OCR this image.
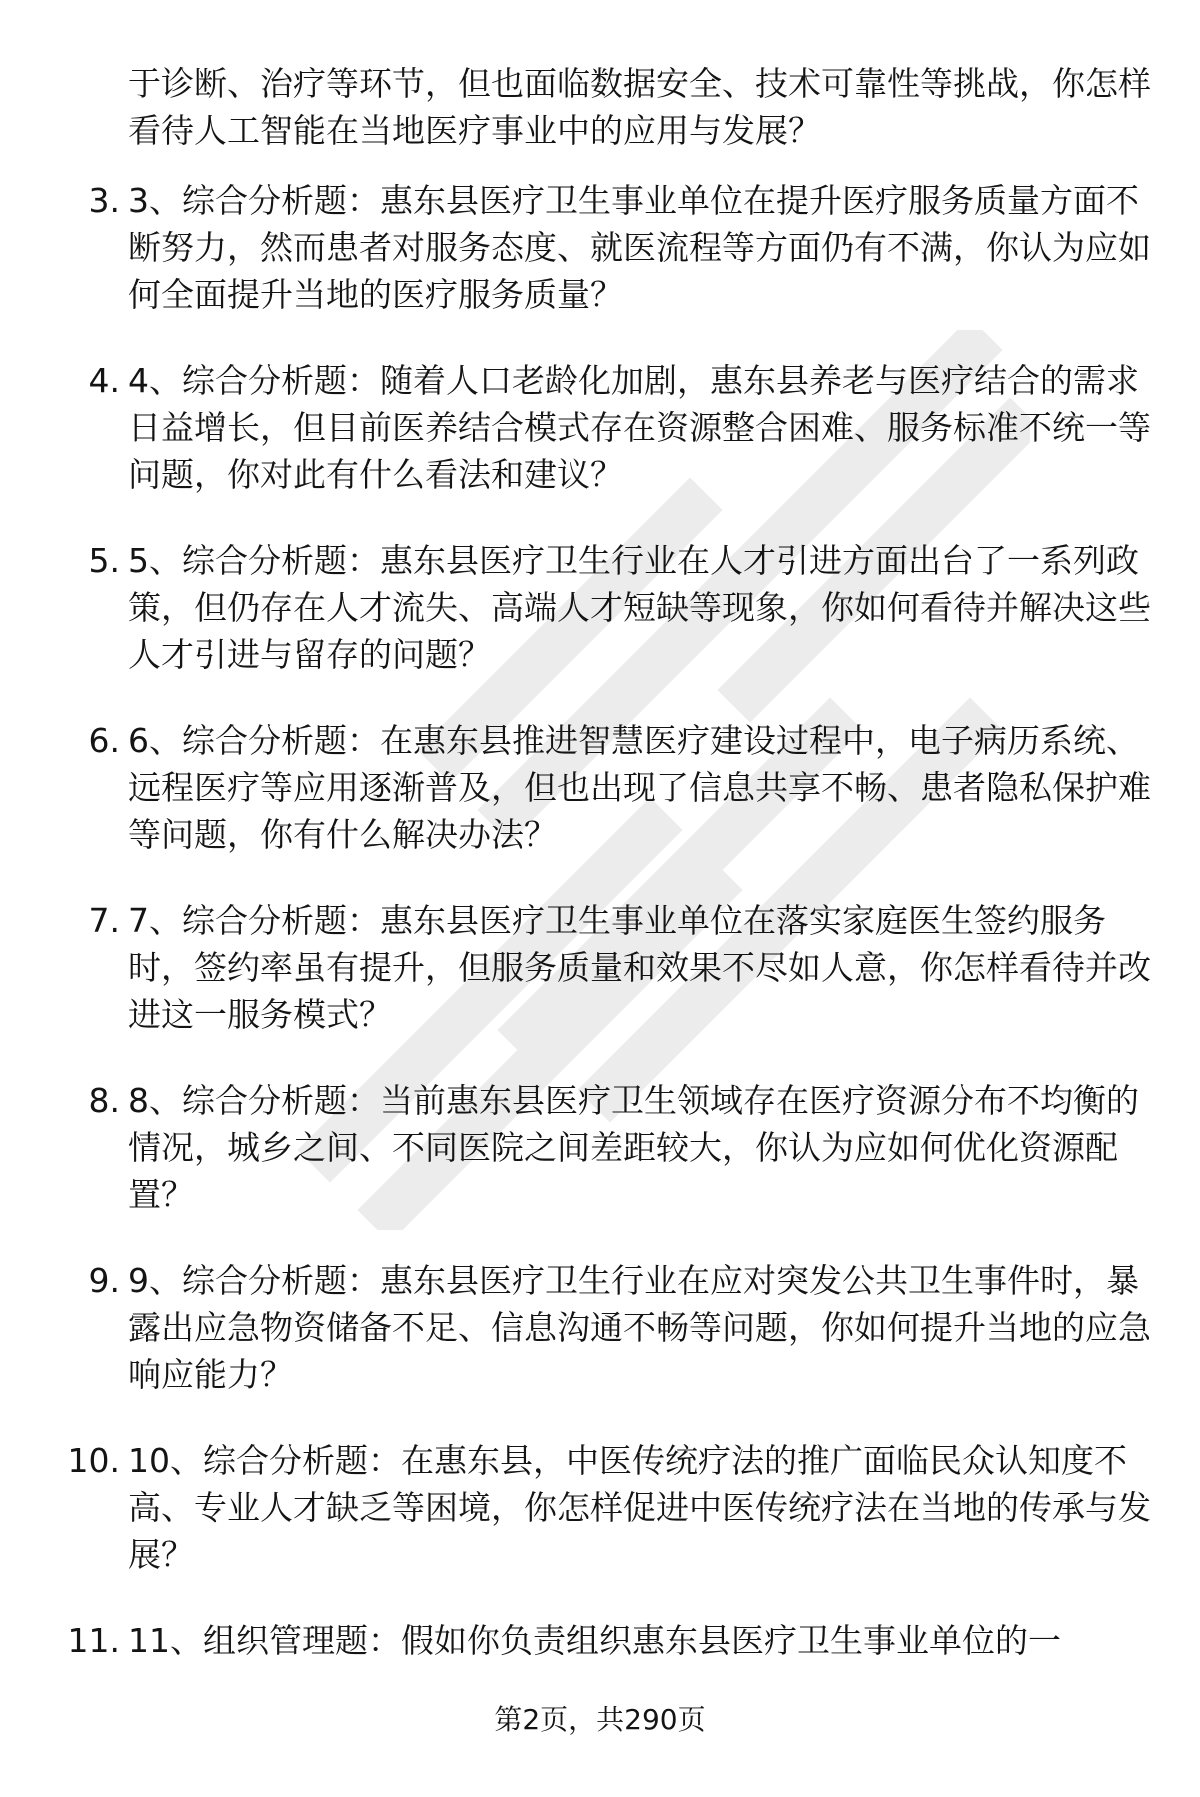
于诊断、治疗等环节，但也面临数据安全、技术可靠性等挑战，你怎样看待人工智能在当地医疗事业中的应用与发展？

3. 3、综合分析题：惠东县医疗卫生事业单位在提升医疗服务质量方面不断努力，然而患者对服务态度、就医流程等方面仍有不满，你认为应如何全面提升当地的医疗服务质量？

4. 4、综合分析题：随着人口老龄化加剧，惠东县养老与医疗结合的需求日益增长，但目前医养结合模式存在资源整合困难、服务标准不统一等问题，你对此有什么看法和建议？

5. 5、综合分析题：惠东县医疗卫生行业在人才引进方面出台了一系列政策，但仍存在人才流失、高端人才短缺等现象，你如何看待并解决这些人才引进与留存的问题？

6. 6、综合分析题：在惠东县推进智慧医疗建设过程中，电子病历系统、远程医疗等应用逐渐普及，但也出现了信息共享不畅、患者隐私保护难等问题，你有什么解决办法？

7. 7、综合分析题：惠东县医疗卫生事业单位在落实家庭医生签约服务时，签约率虽有提升，但服务质量和效果不尽如人意，你怎样看待并改进这一服务模式？

8. 8、综合分析题：当前惠东县医疗卫生领域存在医疗资源分布不均衡的情况，城乡之间、不同医院之间差距较大，你认为应如何优化资源配置？

9. 9、综合分析题：惠东县医疗卫生行业在应对突发公共卫生事件时，暴露出应急物资储备不足、信息沟通不畅等问题，你如何提升当地的应急响应能力？

10. 10、综合分析题：在惠东县，中医传统疗法的推广面临民众认知度不高、专业人才缺乏等困境，你怎样促进中医传统疗法在当地的传承与发展？

11. 11、组织管理题：假如你负责组织惠东县医疗卫生事业单位的一

第2页，共290页
